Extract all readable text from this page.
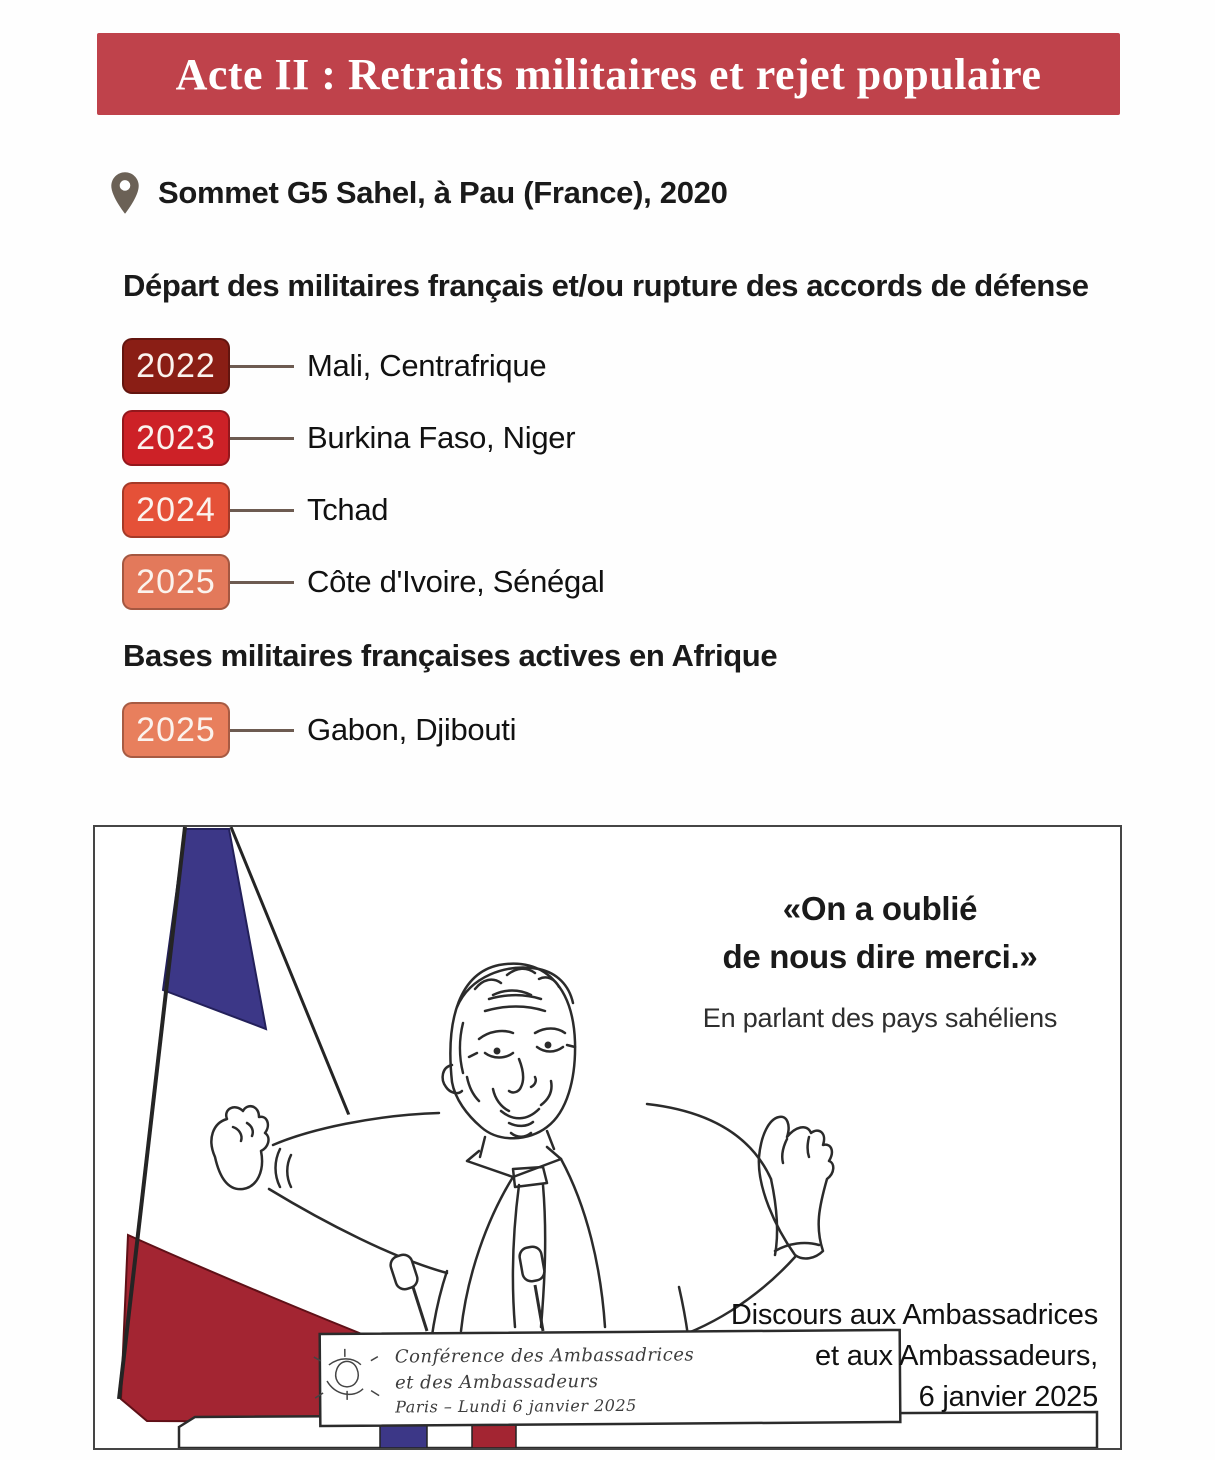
Acte II : Retraits militaires et rejet populaire
Sommet G5 Sahel, à Pau (France), 2020
Départ des militaires français et/ou rupture des accords de défense
2022	Mali, Centrafrique
2023	Burkina Faso, Niger
2024	Tchad
2025	Côte d'Ivoire, Sénégal
Bases militaires françaises actives en Afrique
2025	Gabon, Djibouti
Conférence des Ambassadrices
et des Ambassadeurs
Paris – Lundi 6 janvier 2025
«On a oublié
de nous dire merci.»
En parlant des pays sahéliens
Discours aux Ambassadrices
et aux Ambassadeurs,
6 janvier 2025
